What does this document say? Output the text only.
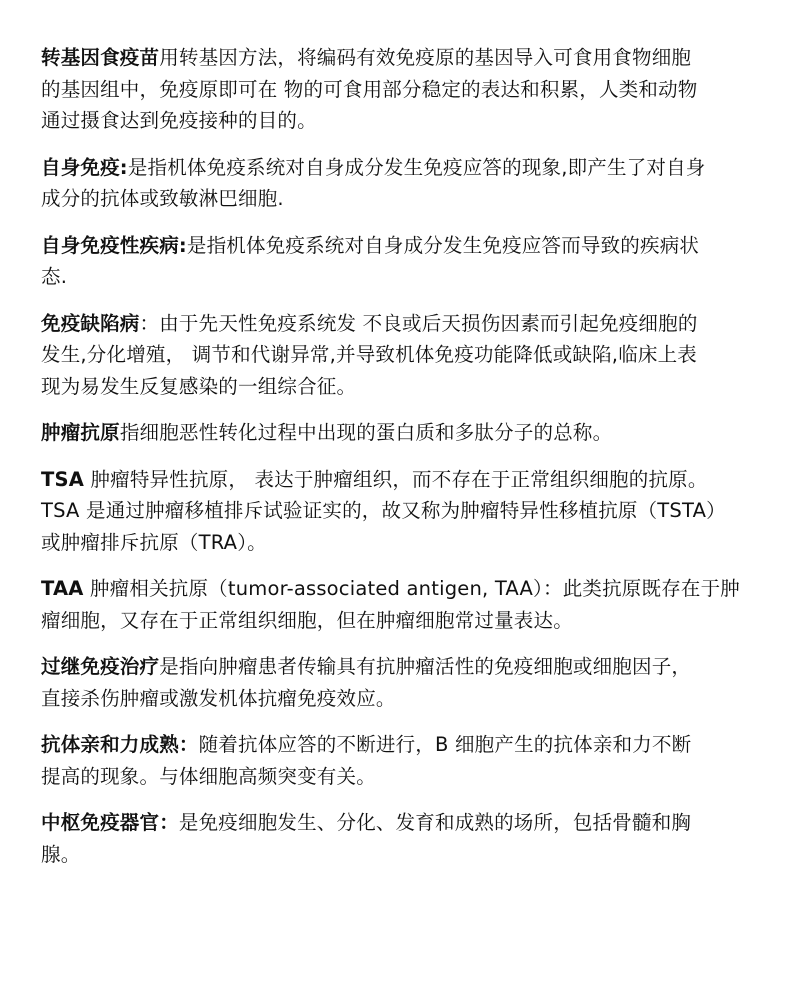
转基因食疫苗用转基因方法，将编码有效免疫原的基因导入可食用食物细胞
的基因组中，免疫原即可在 物的可食用部分稳定的表达和积累，人类和动物
通过摄食达到免疫接种的目的。

自身免疫:是指机体免疫系统对自身成分发生免疫应答的现象,即产生了对自身
成分的抗体或致敏淋巴细胞.

自身免疫性疾病:是指机体免疫系统对自身成分发生免疫应答而导致的疾病状
态.

免疫缺陷病：由于先天性免疫系统发 不良或后天损伤因素而引起免疫细胞的
发生,分化增殖， 调节和代谢异常,并导致机体免疫功能降低或缺陷,临床上表
现为易发生反复感染的一组综合征。

肿瘤抗原指细胞恶性转化过程中出现的蛋白质和多肽分子的总称。

TSA 肿瘤特异性抗原， 表达于肿瘤组织，而不存在于正常组织细胞的抗原。
TSA 是通过肿瘤移植排斥试验证实的，故又称为肿瘤特异性移植抗原（TSTA）
或肿瘤排斥抗原（TRA）。

TAA 肿瘤相关抗原（tumor-associated antigen, TAA）：此类抗原既存在于肿
瘤细胞，又存在于正常组织细胞，但在肿瘤细胞常过量表达。

过继免疫治疗是指向肿瘤患者传输具有抗肿瘤活性的免疫细胞或细胞因子，
直接杀伤肿瘤或激发机体抗瘤免疫效应。

抗体亲和力成熟：随着抗体应答的不断进行，B 细胞产生的抗体亲和力不断
提高的现象。与体细胞高频突变有关。

中枢免疫器官：是免疫细胞发生、分化、发育和成熟的场所，包括骨髓和胸
腺。
